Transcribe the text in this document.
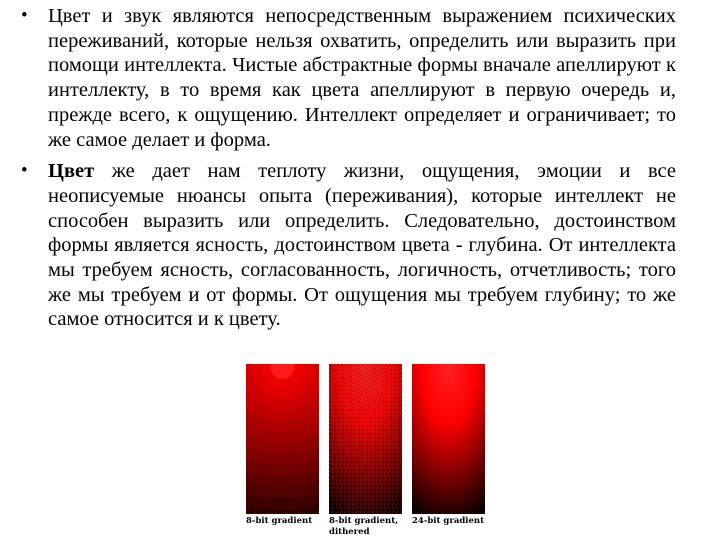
• Цвет и звук являются непосредственным выражением психических переживаний, которые нельзя охватить, определить или выразить при помощи интеллекта. Чистые абстрактные формы вначале апеллируют к интеллекту, в то время как цвета апеллируют в первую очередь и, прежде всего, к ощущению. Интеллект определяет и ограничивает; то же самое делает и форма.

• Цвет же дает нам теплоту жизни, ощущения, эмоции и все неописуемые нюансы опыта (переживания), которые интеллект не способен выразить или определить. Следовательно, достоинством формы является ясность, достоинством цвета - глубина. От интеллекта мы требуем ясность, согласованность, логичность, отчетливость; того же мы требуем и от формы. От ощущения мы требуем глубину; то же самое относится и к цвету.

8-bit gradient	8-bit gradient, dithered
24-bit gradient
